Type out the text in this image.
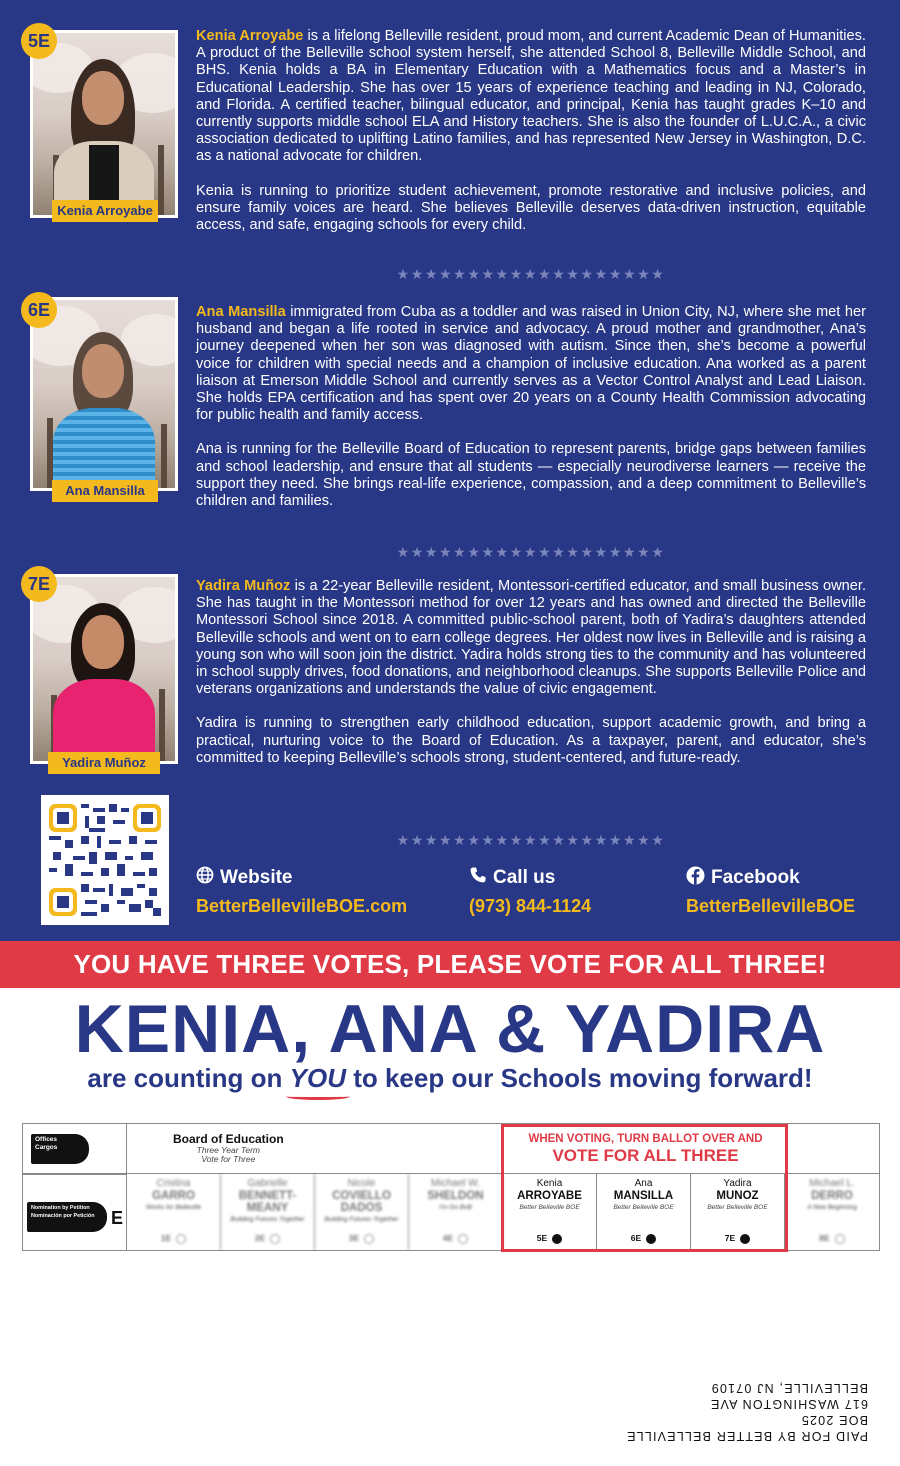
5E
Kenia Arroyabe

Kenia Arroyabe is a lifelong Belleville resident, proud mom, and current Academic Dean of Humanities. A product of the Belleville school system herself, she attended School 8, Belleville Middle School, and BHS. Kenia holds a BA in Elementary Education with a Mathematics focus and a Master’s in Educational Leadership. She has over 15 years of experience teaching and leading in NJ, Colorado, and Florida. A certified teacher, bilingual educator, and principal, Kenia has taught grades K–10 and currently supports middle school ELA and History teachers. She is also the founder of L.U.C.A., a civic association dedicated to uplifting Latino families, and has represented New Jersey in Washington, D.C. as a national advocate for children.

Kenia is running to prioritize student achievement, promote restorative and inclusive policies, and ensure family voices are heard. She believes Belleville deserves data-driven instruction, equitable access, and safe, engaging schools for every child.

★★★★★★★★★★★★★★★★★★★
6E
Ana Mansilla

Ana Mansilla immigrated from Cuba as a toddler and was raised in Union City, NJ, where she met her husband and began a life rooted in service and advocacy. A proud mother and grandmother, Ana’s journey deepened when her son was diagnosed with autism. Since then, she’s become a powerful voice for children with special needs and a champion of inclusive education. Ana worked as a parent liaison at Emerson Middle School and currently serves as a Vector Control Analyst and Lead Liaison. She holds EPA certification and has spent over 20 years on a County Health Commission advocating for public health and family access.

Ana is running for the Belleville Board of Education to represent parents, bridge gaps between families and school leadership, and ensure that all students — especially neurodiverse learners — receive the support they need. She brings real-life experience, compassion, and a deep commitment to Belleville’s children and families.

★★★★★★★★★★★★★★★★★★★
7E
Yadira Muñoz

Yadira Muñoz is a 22-year Belleville resident, Montessori-certified educator, and small business owner. She has taught in the Montessori method for over 12 years and has owned and directed the Belleville Montessori School since 2018. A committed public-school parent, both of Yadira’s daughters attended Belleville schools and went on to earn college degrees. Her oldest now lives in Belleville and is raising a young son who will soon join the district. Yadira holds strong ties to the community and has volunteered in school supply drives, food donations, and neighborhood cleanups. She supports Belleville Police and veterans organizations and understands the value of civic engagement.

Yadira is running to strengthen early childhood education, support academic growth, and bring a practical, nurturing voice to the Board of Education. As a taxpayer, parent, and educator, she’s committed to keeping Belleville’s schools strong, student-centered, and future-ready.

★★★★★★★★★★★★★★★★★★★
Website
BetterBellevilleBOE.com
Call us
(973) 844-1124
Facebook
BetterBellevilleBOE
YOU HAVE THREE VOTES, PLEASE VOTE FOR ALL THREE!
KENIA, ANA & YADIRA
are counting on YOU to keep our Schools moving forward!
Offices
Cargos
Nomination by Petition
Nominación por Petición E
Board of Education
Three Year Term
Vote for Three
Cristina
GARRO
Works for Belleville
1E
Gabrielle
BENNETT-MEANY
Building Futures Together
2E
Nicole
COVIELLO DADOS
Building Futures Together
3E
Michael W.
SHELDON
I'm Go BvB
4E
Kenia
ARROYABE
Better Belleville BOE
5E
Ana
MANSILLA
Better Belleville BOE
6E
Yadira
MUNOZ
Better Belleville BOE
7E
Michael L.
DERRO
A New Beginning
8E
WHEN VOTING, TURN BALLOT OVER AND
VOTE FOR ALL THREE
PAID FOR BY BETTER BELLEVILLE BOE 2025
617 WASHINGTON AVE
BELLEVILLE, NJ 07109
